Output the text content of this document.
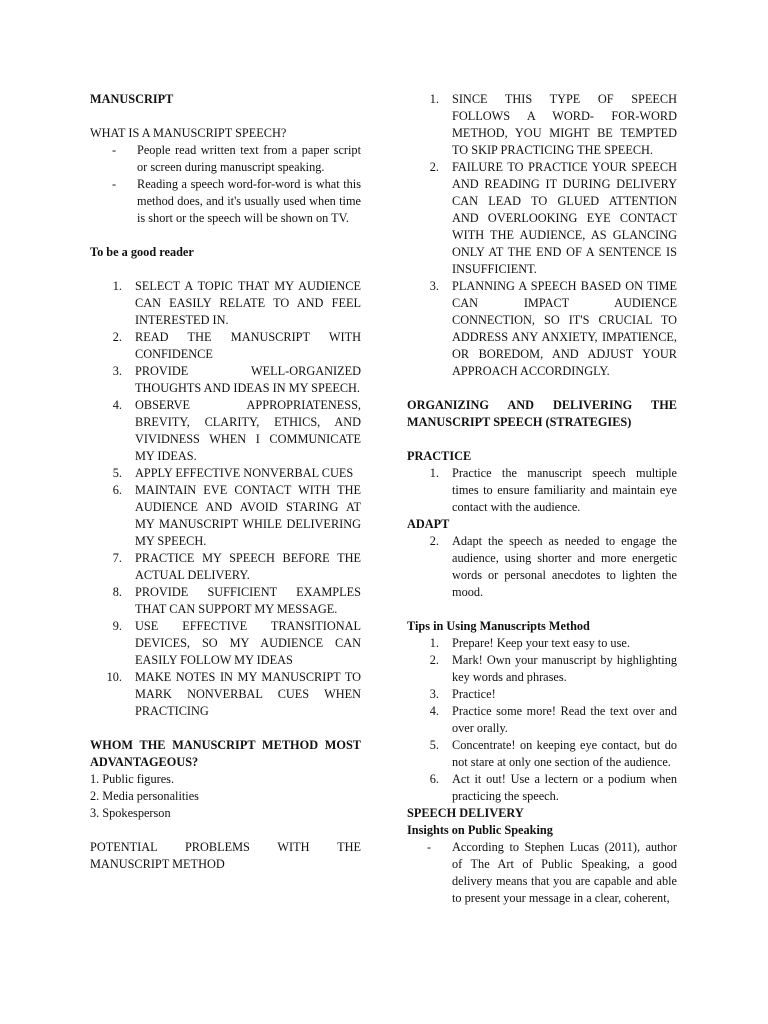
MANUSCRIPT

WHAT IS A MANUSCRIPT SPEECH?

- People read written text from a paper script or screen during manuscript speaking.
- Reading a speech word-for-word is what this method does, and it's usually used when time is short or the speech will be shown on TV.

To be a good reader

1. SELECT A TOPIC THAT MY AUDIENCE CAN EASILY RELATE TO AND FEEL INTERESTED IN.
2. READ THE MANUSCRIPT WITH CONFIDENCE
3. PROVIDE WELL-ORGANIZED THOUGHTS AND IDEAS IN MY SPEECH.
4. OBSERVE APPROPRIATENESS, BREVITY, CLARITY, ETHICS, AND VIVIDNESS WHEN I COMMUNICATE MY IDEAS.
5. APPLY EFFECTIVE NONVERBAL CUES
6. MAINTAIN EVE CONTACT WITH THE AUDIENCE AND AVOID STARING AT MY MANUSCRIPT WHILE DELIVERING MY SPEECH.
7. PRACTICE MY SPEECH BEFORE THE ACTUAL DELIVERY.
8. PROVIDE SUFFICIENT EXAMPLES THAT CAN SUPPORT MY MESSAGE.
9. USE EFFECTIVE TRANSITIONAL DEVICES, SO MY AUDIENCE CAN EASILY FOLLOW MY IDEAS
10. MAKE NOTES IN MY MANUSCRIPT TO MARK NONVERBAL CUES WHEN PRACTICING

WHOM THE MANUSCRIPT METHOD MOST ADVANTAGEOUS?

1. Public figures.

2. Media personalities

3. Spokesperson

POTENTIAL PROBLEMS WITH THE MANUSCRIPT METHOD

1. SINCE THIS TYPE OF SPEECH FOLLOWS A WORD- FOR-WORD METHOD, YOU MIGHT BE TEMPTED TO SKIP PRACTICING THE SPEECH.
2. FAILURE TO PRACTICE YOUR SPEECH AND READING IT DURING DELIVERY CAN LEAD TO GLUED ATTENTION AND OVERLOOKING EYE CONTACT WITH THE AUDIENCE, AS GLANCING ONLY AT THE END OF A SENTENCE IS INSUFFICIENT.
3. PLANNING A SPEECH BASED ON TIME CAN IMPACT AUDIENCE CONNECTION, SO IT'S CRUCIAL TO ADDRESS ANY ANXIETY, IMPATIENCE, OR BOREDOM, AND ADJUST YOUR APPROACH ACCORDINGLY.

ORGANIZING AND DELIVERING THE MANUSCRIPT SPEECH (STRATEGIES)

PRACTICE

1. Practice the manuscript speech multiple times to ensure familiarity and maintain eye contact with the audience.

ADAPT

2. Adapt the speech as needed to engage the audience, using shorter and more energetic words or personal anecdotes to lighten the mood.

Tips in Using Manuscripts Method

1. Prepare! Keep your text easy to use.
2. Mark! Own your manuscript by highlighting key words and phrases.
3. Practice!
4. Practice some more! Read the text over and over orally.
5. Concentrate! on keeping eye contact, but do not stare at only one section of the audience.
6. Act it out! Use a lectern or a podium when practicing the speech.

SPEECH DELIVERY

Insights on Public Speaking

- According to Stephen Lucas (2011), author of The Art of Public Speaking, a good delivery means that you are capable and able to present your message in a clear, coherent,
